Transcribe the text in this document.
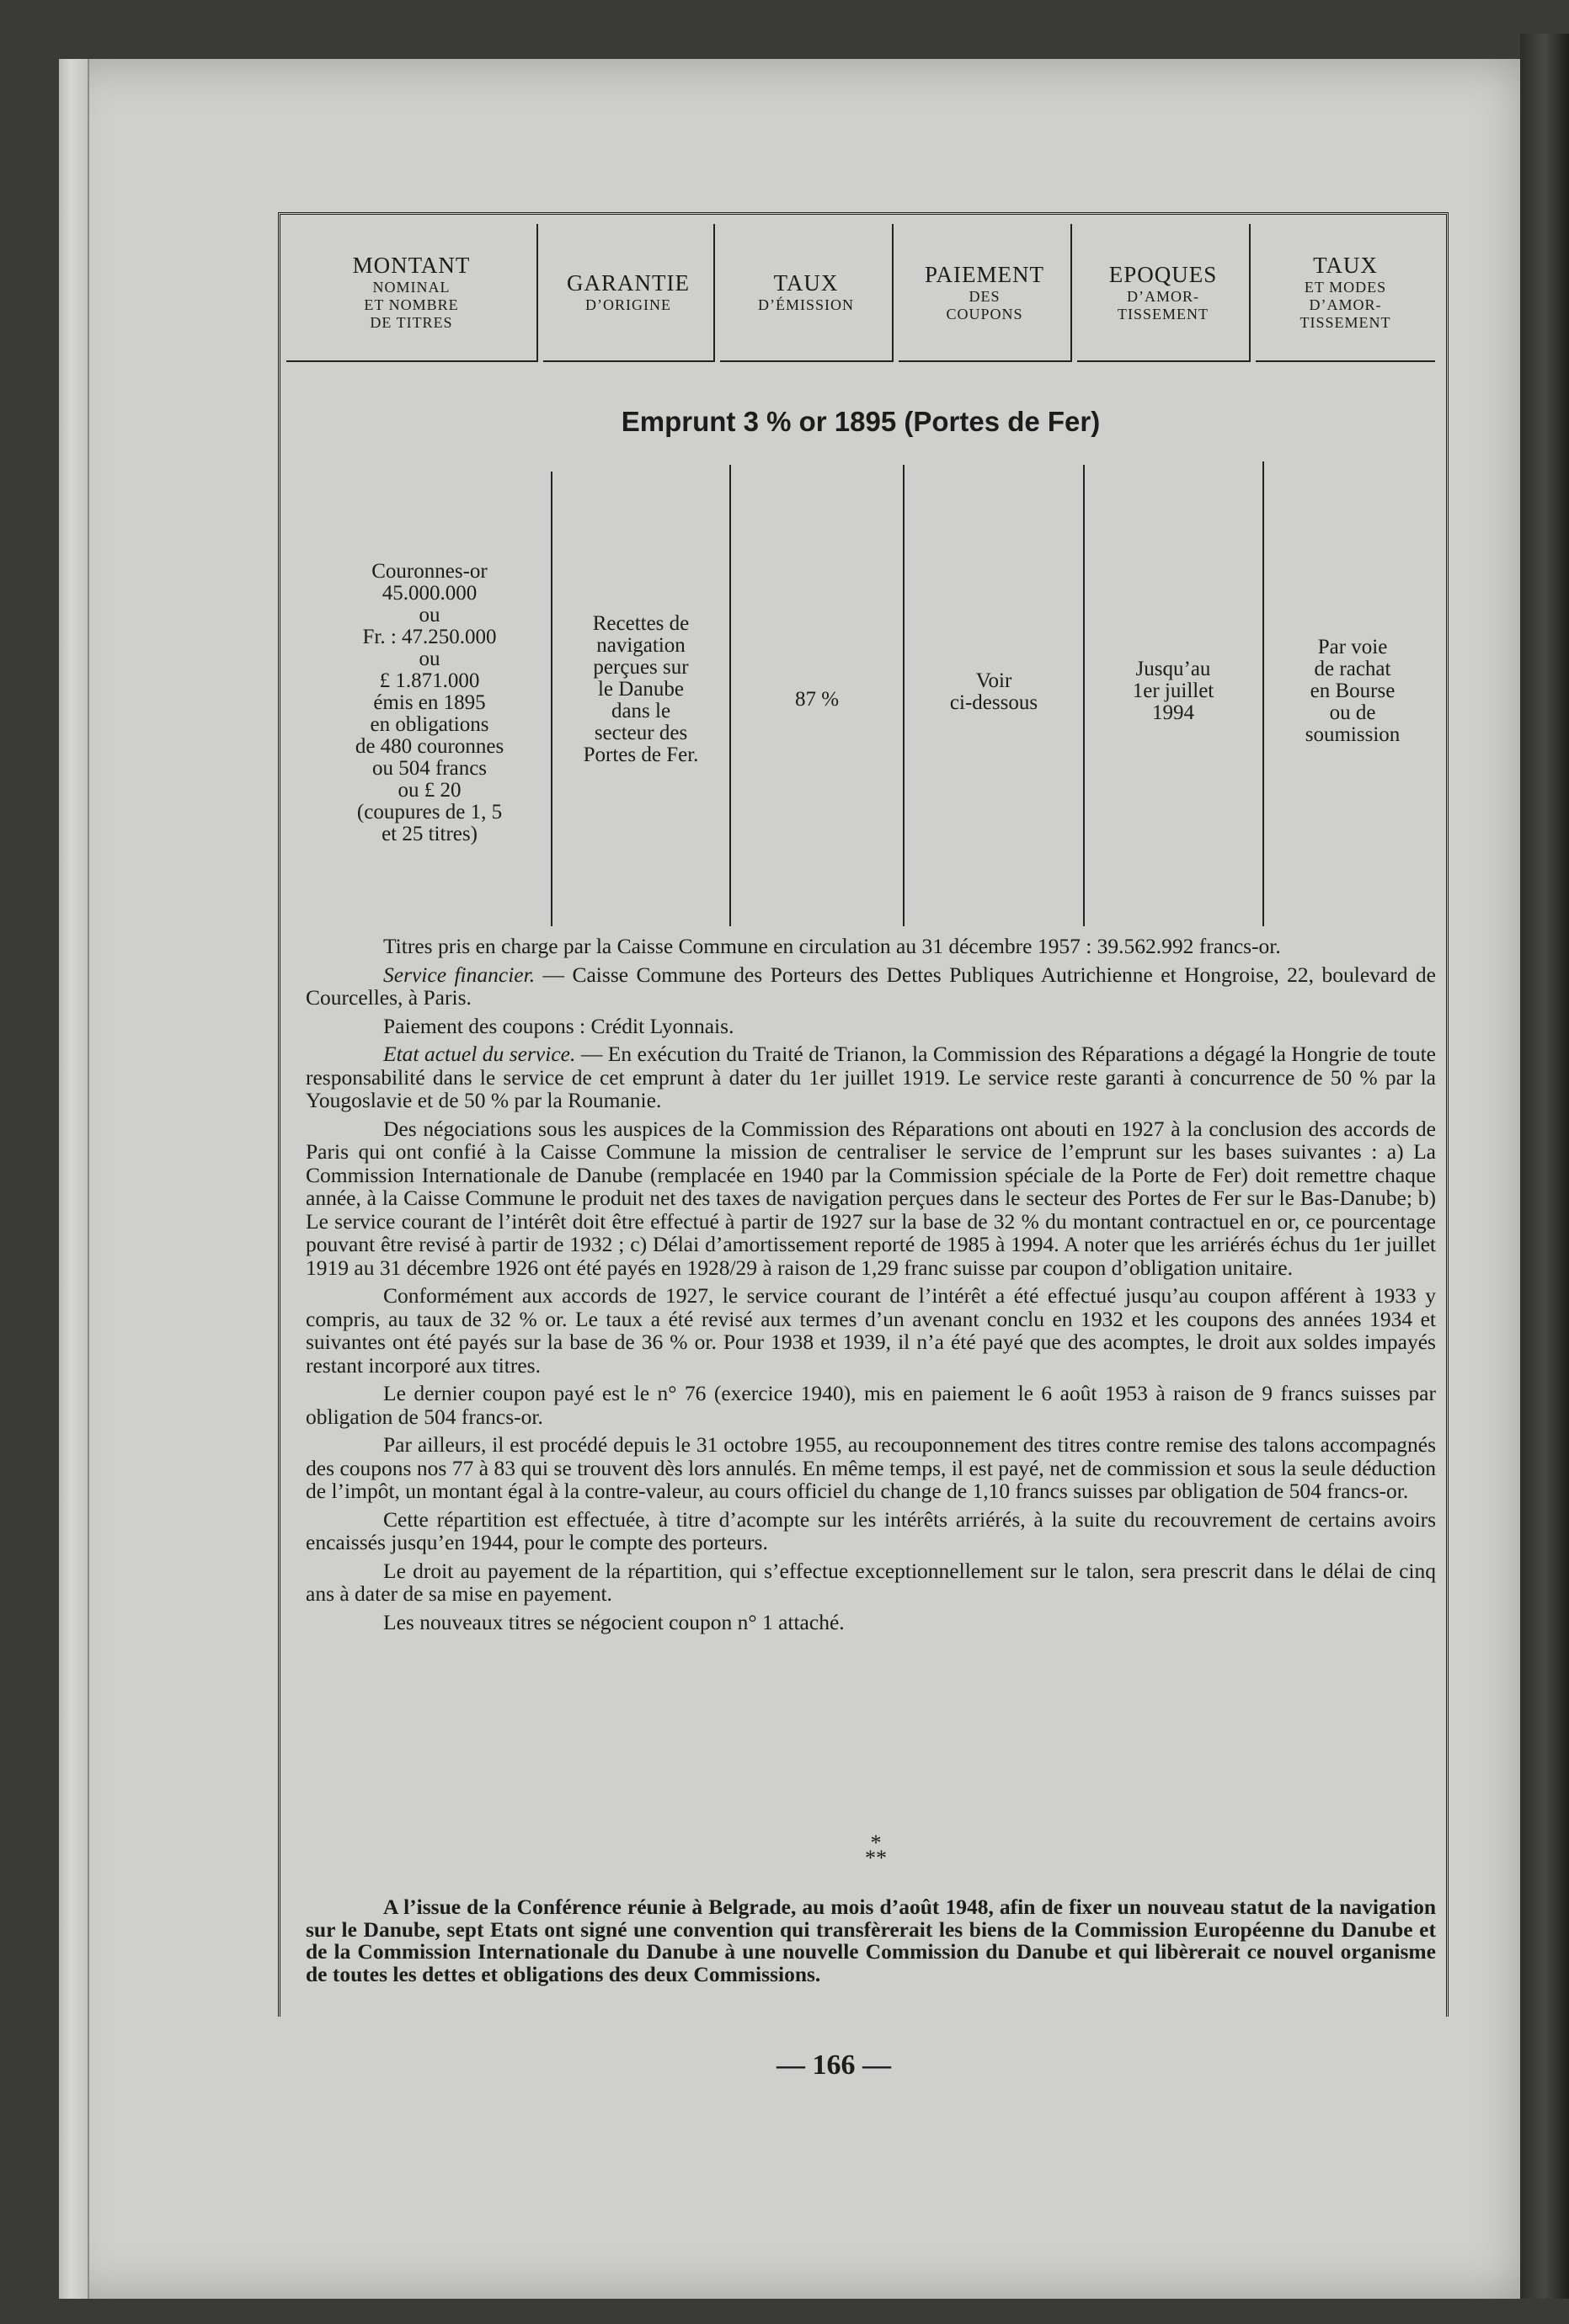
MONTANT
NOMINAL
ET NOMBRE
DE TITRES
GARANTIE
D’ORIGINE
TAUX
D’ÉMISSION
PAIEMENT
DES
COUPONS
EPOQUES
D’AMOR-
TISSEMENT
TAUX
ET MODES
D’AMOR-
TISSEMENT
Emprunt 3 % or 1895 (Portes de Fer)
Couronnes-or
45.000.000
ou
Fr. : 47.250.000
ou
£ 1.871.000
émis en 1895
en obligations
de 480 couronnes
ou 504 francs
ou £ 20
(coupures de 1, 5
et 25 titres)
Recettes de
navigation
perçues sur
le Danube
dans le
secteur des
Portes de Fer.
87 %
Voir
ci-dessous
Jusqu’au
1er juillet
1994
Par voie
de rachat
en Bourse
ou de
soumission

Titres pris en charge par la Caisse Commune en circulation au 31 décembre 1957 : 39.562.992 francs-or.

Service financier. — Caisse Commune des Porteurs des Dettes Publiques Autrichienne et Hongroise, 22, boulevard de Courcelles, à Paris.

Paiement des coupons : Crédit Lyonnais.

Etat actuel du service. — En exécution du Traité de Trianon, la Commission des Réparations a dégagé la Hongrie de toute responsabilité dans le service de cet emprunt à dater du 1er juillet 1919. Le service reste garanti à concurrence de 50 % par la Yougoslavie et de 50 % par la Roumanie.

Des négociations sous les auspices de la Commission des Réparations ont abouti en 1927 à la conclusion des accords de Paris qui ont confié à la Caisse Commune la mission de centraliser le service de l’emprunt sur les bases suivantes : a) La Commission Internationale de Danube (remplacée en 1940 par la Commission spéciale de la Porte de Fer) doit remettre chaque année, à la Caisse Commune le produit net des taxes de navigation perçues dans le secteur des Portes de Fer sur le Bas-Danube; b) Le service courant de l’intérêt doit être effectué à partir de 1927 sur la base de 32 % du montant contractuel en or, ce pourcentage pouvant être revisé à partir de 1932 ; c) Délai d’amortissement reporté de 1985 à 1994. A noter que les arriérés échus du 1er juillet 1919 au 31 décembre 1926 ont été payés en 1928/29 à raison de 1,29 franc suisse par coupon d’obligation unitaire.

Conformément aux accords de 1927, le service courant de l’intérêt a été effectué jusqu’au coupon afférent à 1933 y compris, au taux de 32 % or. Le taux a été revisé aux termes d’un avenant conclu en 1932 et les coupons des années 1934 et suivantes ont été payés sur la base de 36 % or. Pour 1938 et 1939, il n’a été payé que des acomptes, le droit aux soldes impayés restant incorporé aux titres.

Le dernier coupon payé est le n° 76 (exercice 1940), mis en paiement le 6 août 1953 à raison de 9 francs suisses par obligation de 504 francs-or.

Par ailleurs, il est procédé depuis le 31 octobre 1955, au recouponnement des titres contre remise des talons accompagnés des coupons nos 77 à 83 qui se trouvent dès lors annulés. En même temps, il est payé, net de commission et sous la seule déduction de l’impôt, un montant égal à la contre-valeur, au cours officiel du change de 1,10 francs suisses par obligation de 504 francs-or.

Cette répartition est effectuée, à titre d’acompte sur les intérêts arriérés, à la suite du recouvrement de certains avoirs encaissés jusqu’en 1944, pour le compte des porteurs.

Le droit au payement de la répartition, qui s’effectue exceptionnellement sur le talon, sera prescrit dans le délai de cinq ans à dater de sa mise en payement.

Les nouveaux titres se négocient coupon n° 1 attaché.

*
**

A l’issue de la Conférence réunie à Belgrade, au mois d’août 1948, afin de fixer un nouveau statut de la navigation sur le Danube, sept Etats ont signé une convention qui transfèrerait les biens de la Commission Européenne du Danube et de la Commission Internationale du Danube à une nouvelle Commission du Danube et qui libèrerait ce nouvel organisme de toutes les dettes et obligations des deux Commissions.

— 166 —
